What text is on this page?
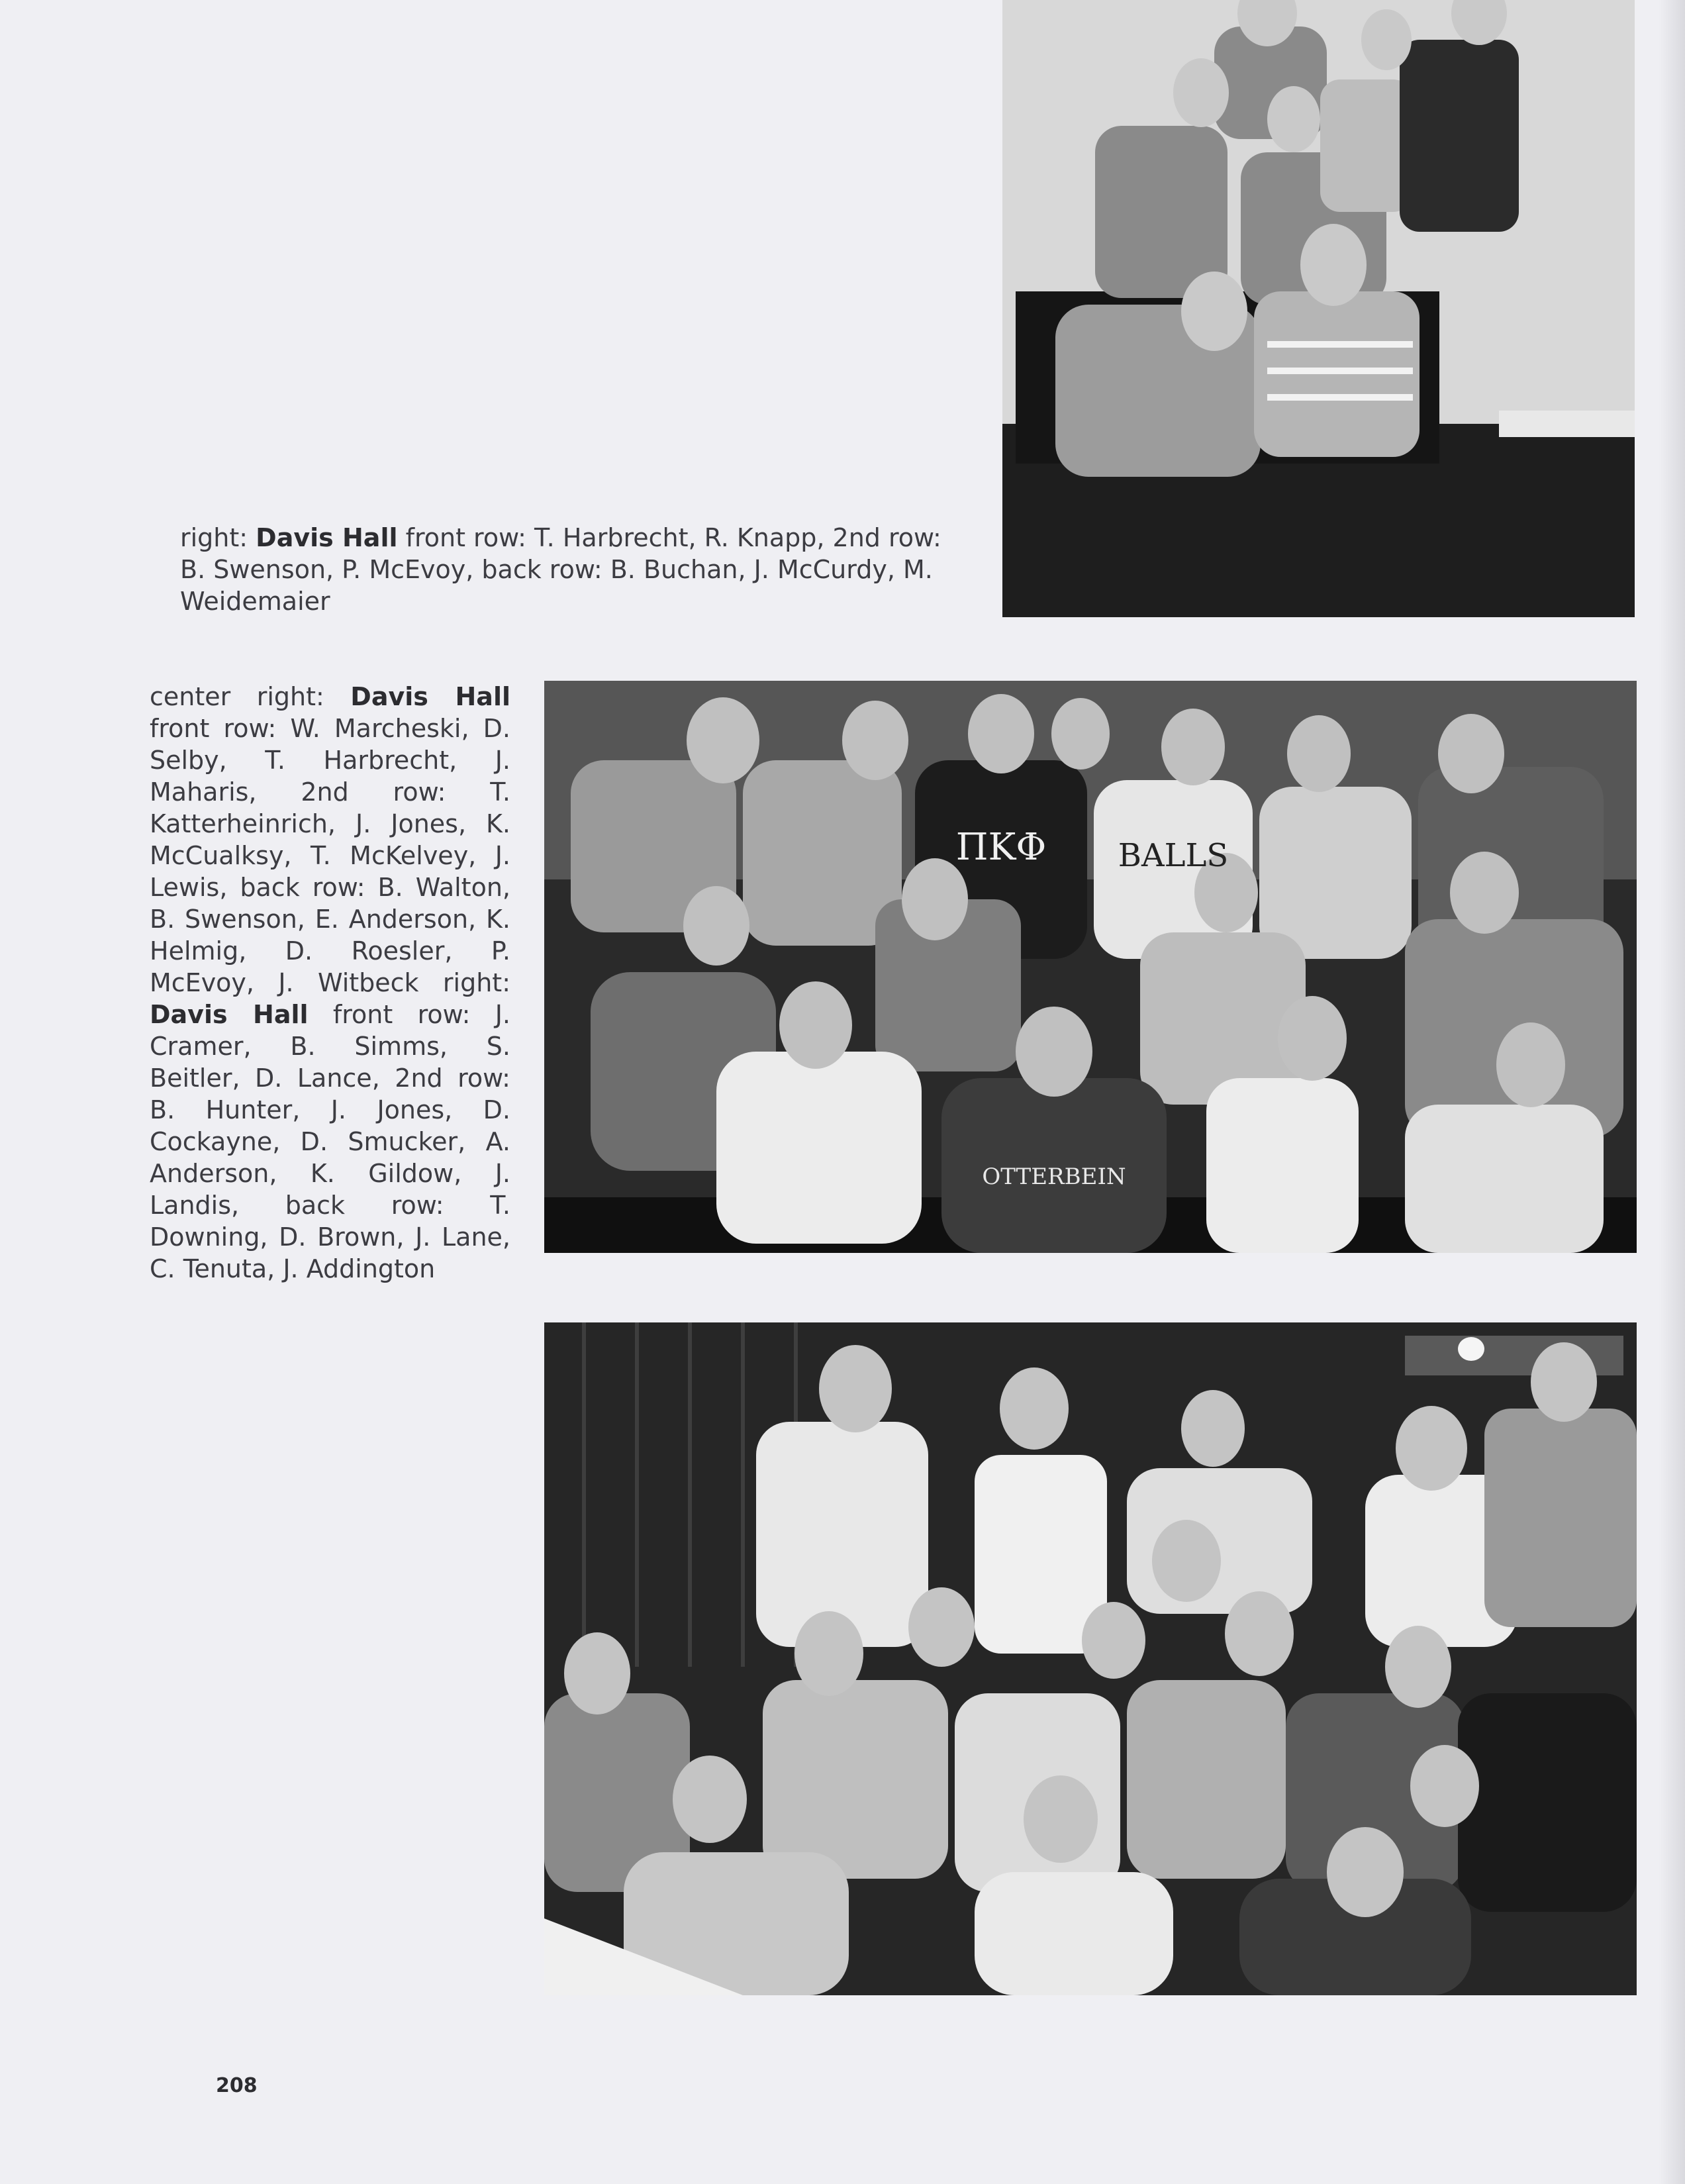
right: Davis Hall front row: T. Harbrecht, R. Knapp, 2nd row: B. Swenson, P. McEvoy, back row: B. Buchan, J. McCurdy, M. Weidemaier
center right: Davis Hall front row: W. Marcheski, D. Selby, T. Harbrecht, J. Maharis, 2nd row: T. Katterheinrich, J. Jones, K. McCualksy, T. McKelvey, J. Lewis, back row: B. Walton, B. Swenson, E. Anderson, K. Helmig, D. Roesler, P. McEvoy, J. Witbeck right: Davis Hall front row: J. Cramer, B. Simms, S. Beitler, D. Lance, 2nd row: B. Hunter, J. Jones, D. Cockayne, D. Smucker, A. Anderson, K. Gildow, J. Landis, back row: T. Downing, D. Brown, J. Lane, C. Tenuta, J. Addington
ΠΚΦ BALLS
OTTERBEIN
208
